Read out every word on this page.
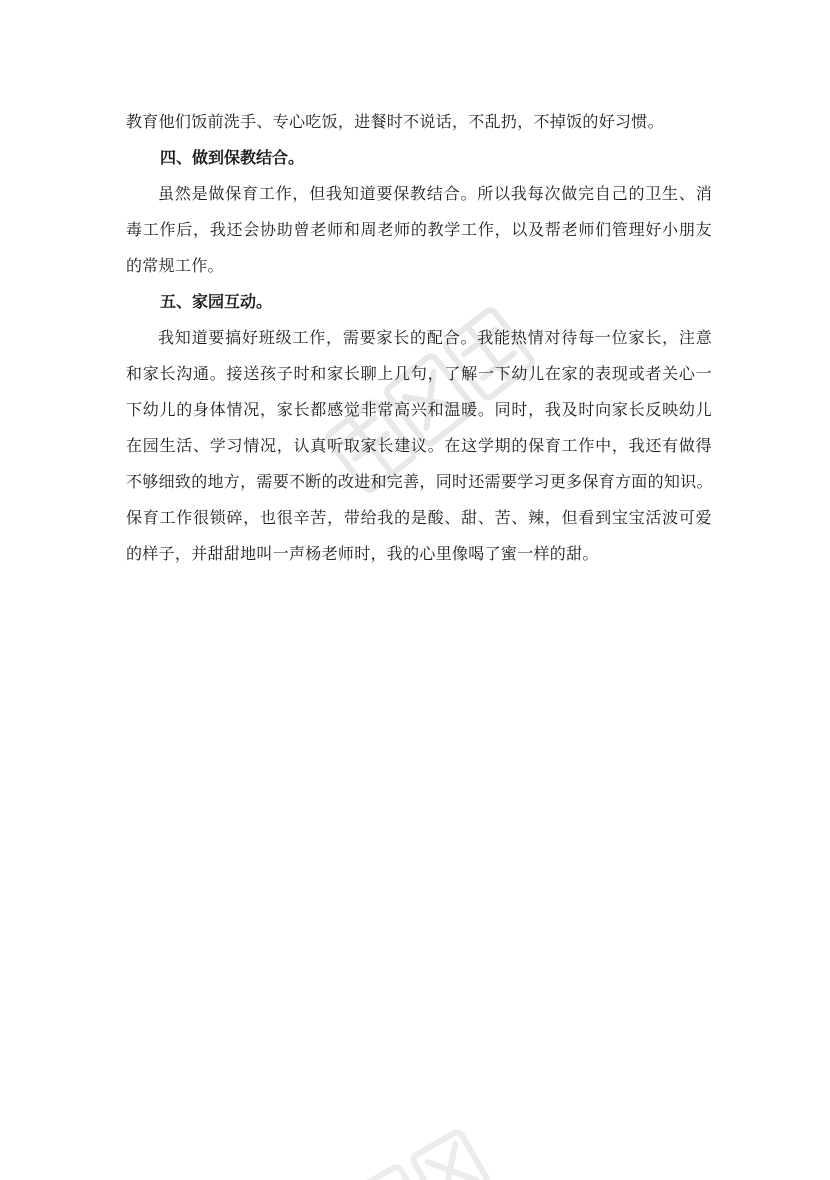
教育他们饭前洗手、专心吃饭，进餐时不说话，不乱扔，不掉饭的好习惯。
四、做到保教结合。
虽然是做保育工作，但我知道要保教结合。所以我每次做完自己的卫生、消
毒工作后，我还会协助曾老师和周老师的教学工作，以及帮老师们管理好小朋友
的常规工作。
五、家园互动。
我知道要搞好班级工作，需要家长的配合。我能热情对待每一位家长，注意
和家长沟通。接送孩子时和家长聊上几句，了解一下幼儿在家的表现或者关心一
下幼儿的身体情况，家长都感觉非常高兴和温暖。同时，我及时向家长反映幼儿
在园生活、学习情况，认真听取家长建议。在这学期的保育工作中，我还有做得
不够细致的地方，需要不断的改进和完善，同时还需要学习更多保育方面的知识。
保育工作很锁碎，也很辛苦，带给我的是酸、甜、苦、辣，但看到宝宝活波可爱
的样子，并甜甜地叫一声杨老师时，我的心里像喝了蜜一样的甜。
